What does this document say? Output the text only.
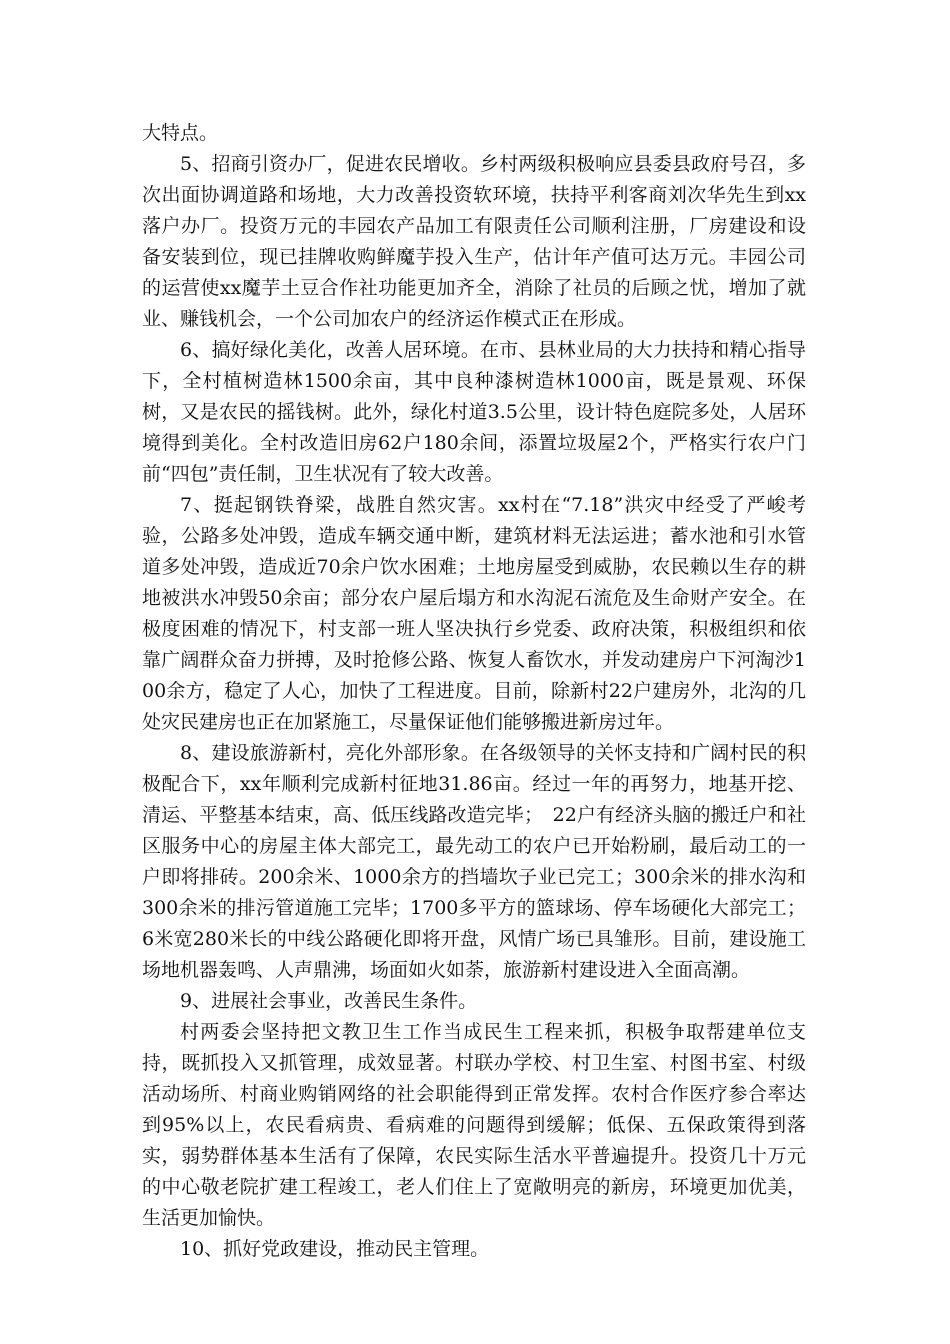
大特点。

5、招商引资办厂，促进农民增收。乡村两级积极响应县委县政府号召，多次出面协调道路和场地，大力改善投资软环境，扶持平利客商刘次华先生到xx落户办厂。投资万元的丰园农产品加工有限责任公司顺利注册，厂房建设和设备安装到位，现已挂牌收购鲜魔芋投入生产，估计年产值可达万元。丰园公司的运营使xx魔芋土豆合作社功能更加齐全，消除了社员的后顾之忧，增加了就业、赚钱机会，一个公司加农户的经济运作模式正在形成。

6、搞好绿化美化，改善人居环境。在市、县林业局的大力扶持和精心指导下，全村植树造林1500余亩，其中良种漆树造林1000亩，既是景观、环保树，又是农民的摇钱树。此外，绿化村道3.5公里，设计特色庭院多处，人居环境得到美化。全村改造旧房62户180余间，添置垃圾屋2个，严格实行农户门前“四包”责任制，卫生状况有了较大改善。

7、挺起钢铁脊梁，战胜自然灾害。xx村在“7.18”洪灾中经受了严峻考验，公路多处冲毁，造成车辆交通中断，建筑材料无法运进；蓄水池和引水管道多处冲毁，造成近70余户饮水困难；土地房屋受到威胁，农民赖以生存的耕地被洪水冲毁50余亩；部分农户屋后塌方和水沟泥石流危及生命财产安全。在极度困难的情况下，村支部一班人坚决执行乡党委、政府决策，积极组织和依靠广阔群众奋力拼搏，及时抢修公路、恢复人畜饮水，并发动建房户下河淘沙100余方，稳定了人心，加快了工程进度。目前，除新村22户建房外，北沟的几处灾民建房也正在加紧施工，尽量保证他们能够搬进新房过年。

8、建设旅游新村，亮化外部形象。在各级领导的关怀支持和广阔村民的积极配合下，xx年顺利完成新村征地31.86亩。经过一年的再努力，地基开挖、清运、平整基本结束，高、低压线路改造完毕；　22户有经济头脑的搬迁户和社区服务中心的房屋主体大部完工，最先动工的农户已开始粉刷，最后动工的一户即将排砖。200余米、1000余方的挡墙坎子业已完工；300余米的排水沟和300余米的排污管道施工完毕；1700多平方的篮球场、停车场硬化大部完工；6米宽280米长的中线公路硬化即将开盘，风情广场已具雏形。目前，建设施工场地机器轰鸣、人声鼎沸，场面如火如荼，旅游新村建设进入全面高潮。

9、进展社会事业，改善民生条件。

村两委会坚持把文教卫生工作当成民生工程来抓，积极争取帮建单位支持，既抓投入又抓管理，成效显著。村联办学校、村卫生室、村图书室、村级活动场所、村商业购销网络的社会职能得到正常发挥。农村合作医疗参合率达到95%以上，农民看病贵、看病难的问题得到缓解；低保、五保政策得到落实，弱势群体基本生活有了保障，农民实际生活水平普遍提升。投资几十万元的中心敬老院扩建工程竣工，老人们住上了宽敞明亮的新房，环境更加优美，生活更加愉快。

10、抓好党政建设，推动民主管理。
